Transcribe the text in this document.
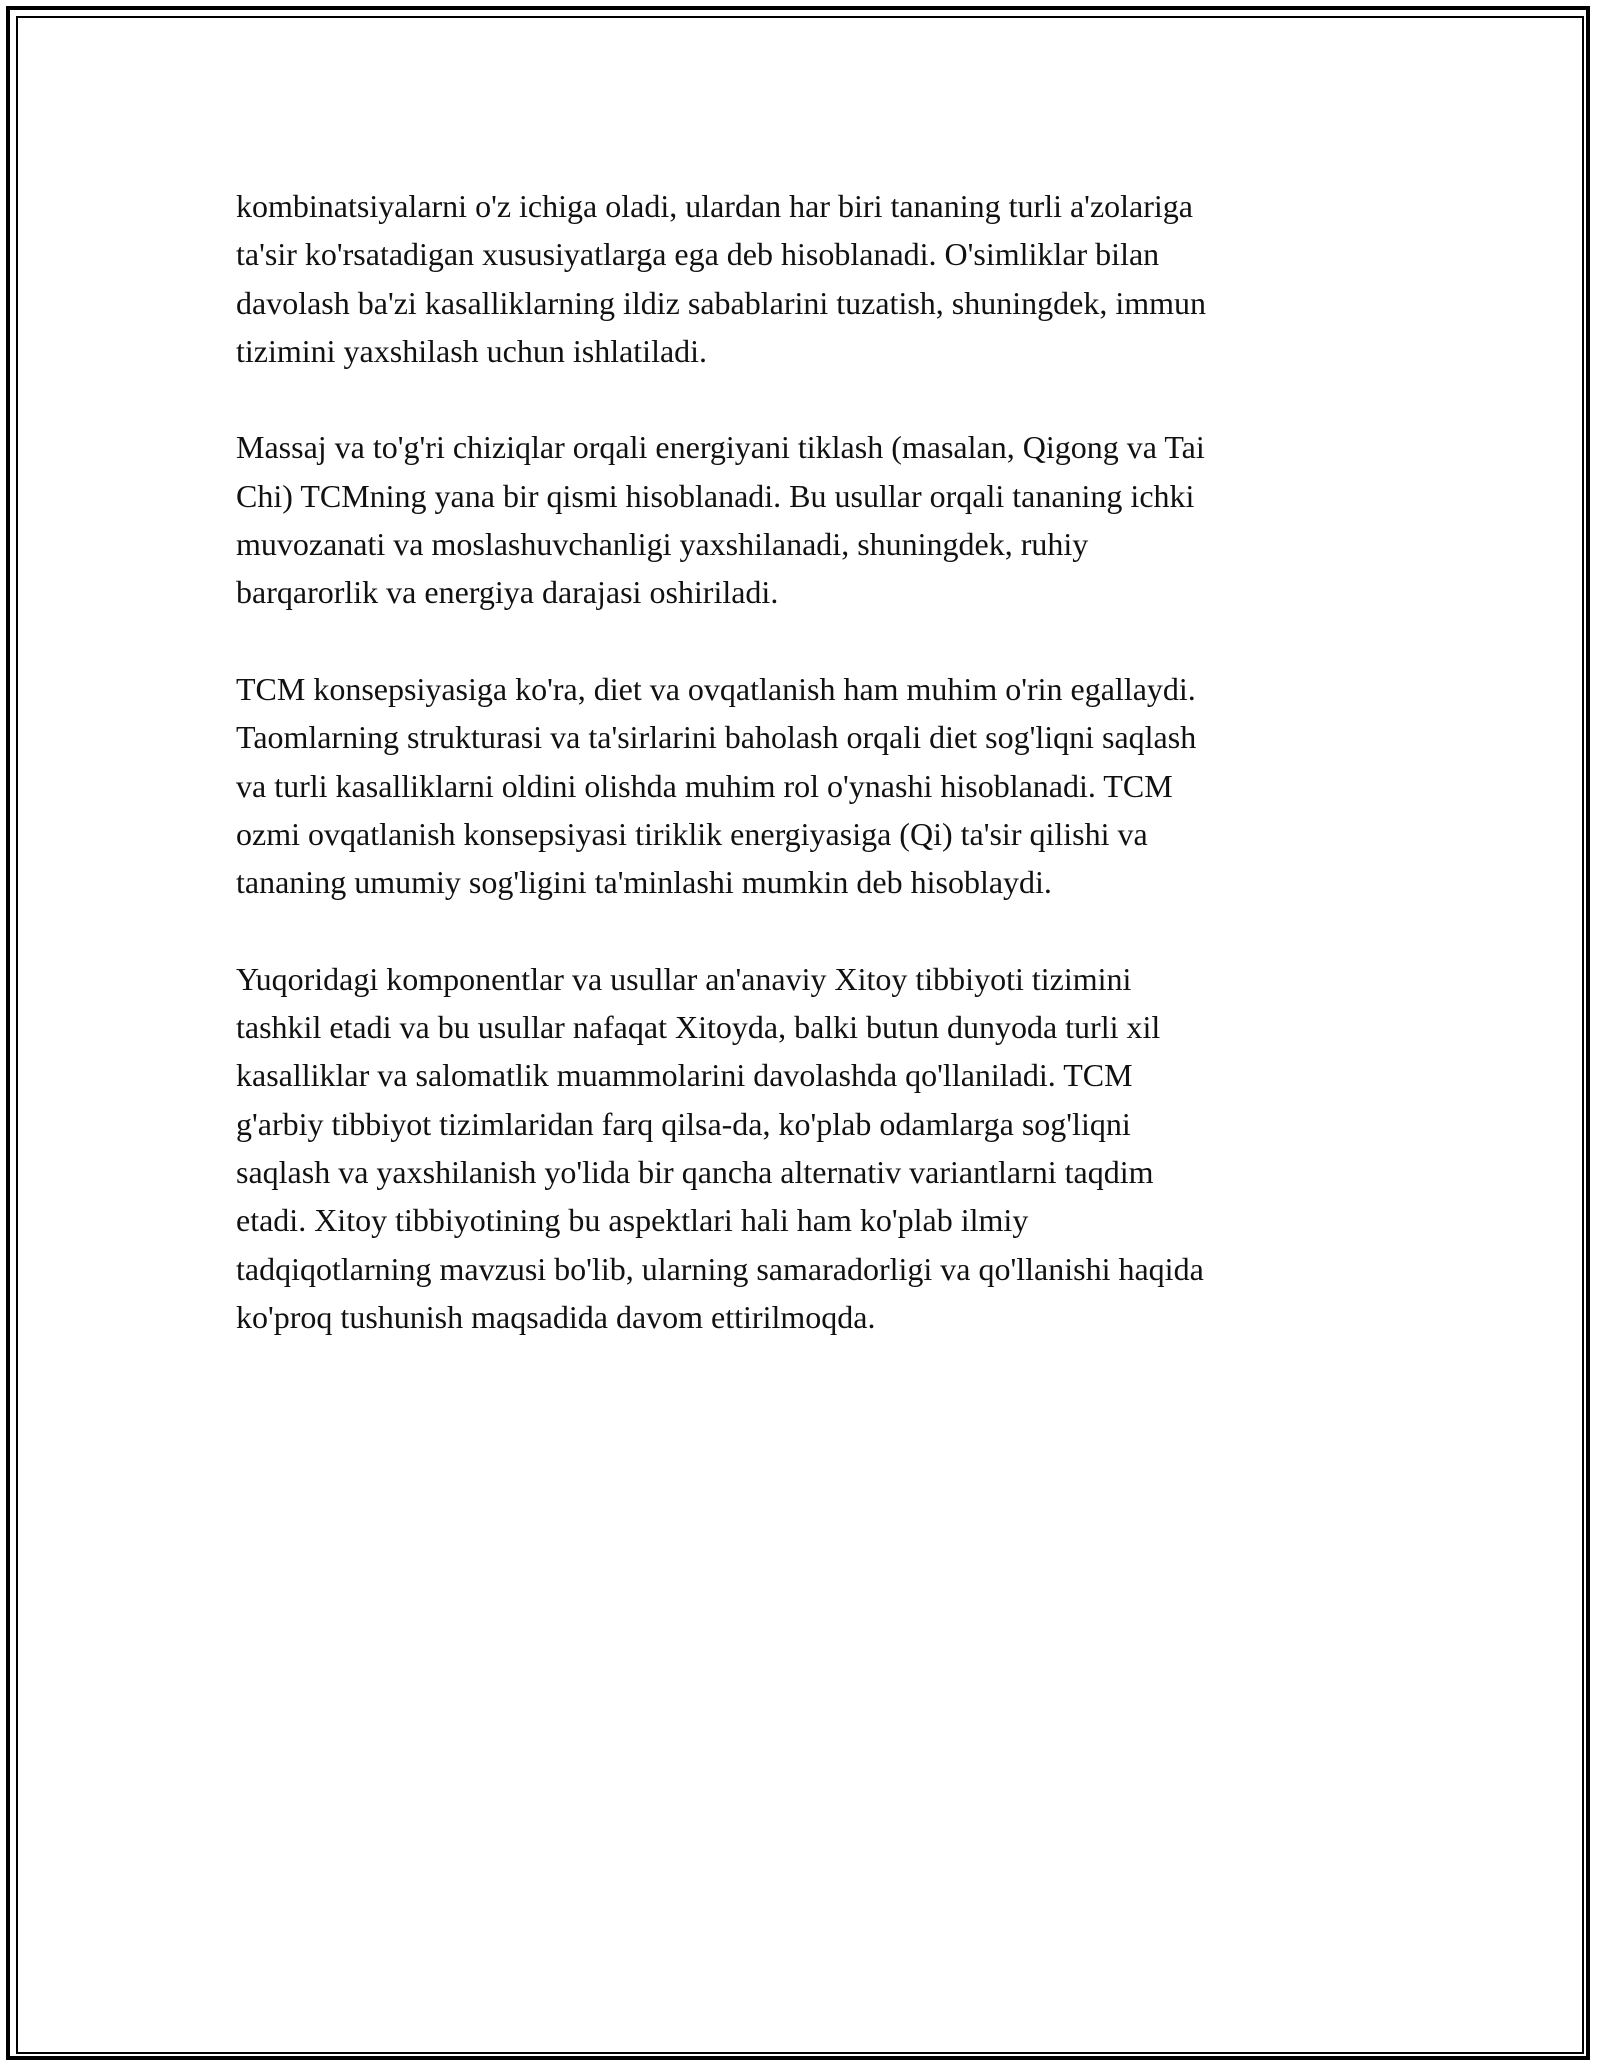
kombinatsiyalarni o'z ichiga oladi, ulardan har biri tananing turli a'zolariga
ta'sir ko'rsatadigan xususiyatlarga ega deb hisoblanadi. O'simliklar bilan
davolash ba'zi kasalliklarning ildiz sabablarini tuzatish, shuningdek, immun
tizimini yaxshilash uchun ishlatiladi.

Massaj va to'g'ri chiziqlar orqali energiyani tiklash (masalan, Qigong va Tai
Chi) TCMning yana bir qismi hisoblanadi. Bu usullar orqali tananing ichki
muvozanati va moslashuvchanligi yaxshilanadi, shuningdek, ruhiy
barqarorlik va energiya darajasi oshiriladi.

TCM konsepsiyasiga ko'ra, diet va ovqatlanish ham muhim o'rin egallaydi.
Taomlarning strukturasi va ta'sirlarini baholash orqali diet sog'liqni saqlash
va turli kasalliklarni oldini olishda muhim rol o'ynashi hisoblanadi. TCM
ozmi ovqatlanish konsepsiyasi tiriklik energiyasiga (Qi) ta'sir qilishi va
tananing umumiy sog'ligini ta'minlashi mumkin deb hisoblaydi.

Yuqoridagi komponentlar va usullar an'anaviy Xitoy tibbiyoti tizimini
tashkil etadi va bu usullar nafaqat Xitoyda, balki butun dunyoda turli xil
kasalliklar va salomatlik muammolarini davolashda qo'llaniladi. TCM
g'arbiy tibbiyot tizimlaridan farq qilsa-da, ko'plab odamlarga sog'liqni
saqlash va yaxshilanish yo'lida bir qancha alternativ variantlarni taqdim
etadi. Xitoy tibbiyotining bu aspektlari hali ham ko'plab ilmiy
tadqiqotlarning mavzusi bo'lib, ularning samaradorligi va qo'llanishi haqida
ko'proq tushunish maqsadida davom ettirilmoqda.
